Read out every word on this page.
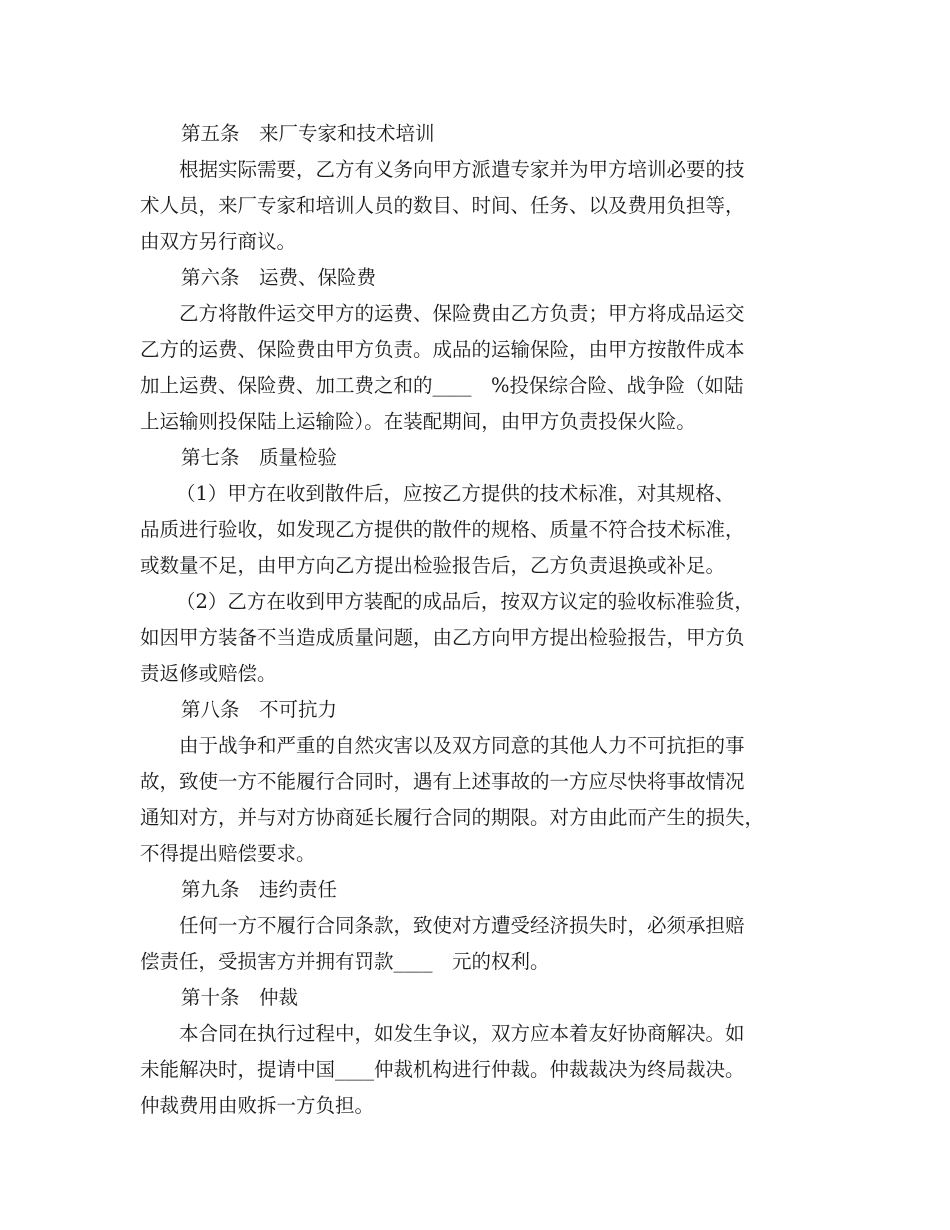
第五条　来厂专家和技术培训
根据实际需要，乙方有义务向甲方派遣专家并为甲方培训必要的技
术人员，来厂专家和培训人员的数目、时间、任务、以及费用负担等，
由双方另行商议。
第六条　运费、保险费
乙方将散件运交甲方的运费、保险费由乙方负责；甲方将成品运交
乙方的运费、保险费由甲方负责。成品的运输保险，由甲方按散件成本
加上运费、保险费、加工费之和的____　%投保综合险、战争险（如陆
上运输则投保陆上运输险）。在装配期间，由甲方负责投保火险。
第七条　质量检验
（1）甲方在收到散件后，应按乙方提供的技术标准，对其规格、
品质进行验收，如发现乙方提供的散件的规格、质量不符合技术标准，
或数量不足，由甲方向乙方提出检验报告后，乙方负责退换或补足。
（2）乙方在收到甲方装配的成品后，按双方议定的验收标准验货，
如因甲方装备不当造成质量问题，由乙方向甲方提出检验报告，甲方负
责返修或赔偿。
第八条　不可抗力
由于战争和严重的自然灾害以及双方同意的其他人力不可抗拒的事
故，致使一方不能履行合同时，遇有上述事故的一方应尽快将事故情况
通知对方，并与对方协商延长履行合同的期限。对方由此而产生的损失，
不得提出赔偿要求。
第九条　违约责任
任何一方不履行合同条款，致使对方遭受经济损失时，必须承担赔
偿责任，受损害方并拥有罚款____　元的权利。
第十条　仲裁
本合同在执行过程中，如发生争议，双方应本着友好协商解决。如
未能解决时，提请中国____仲裁机构进行仲裁。仲裁裁决为终局裁决。
仲裁费用由败拆一方负担。
